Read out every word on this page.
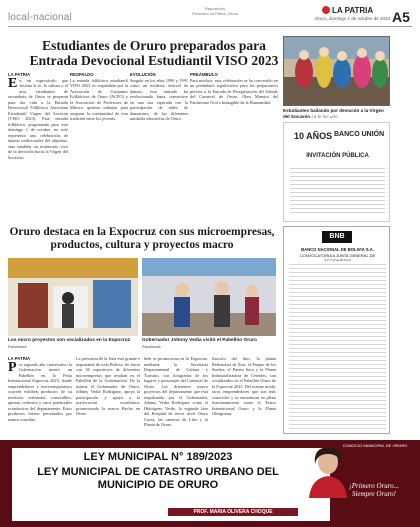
local-nacional
Repositorio
Periódico La Patria, Oruro	LA PATRIA
Oruro, domingo 1 de octubre de 2023 A5
Estudiantes de Oruro preparados para Entrada Devocional Estudiantil VISO 2023
LA PATRIA
E n un espectáculo que fusiona la fe, la cultura y el arte, estudiantes de secundaria de Oruro se preparan para dar vida a la Entrada Devocional Folklórica Autóctona Estudiantil Virgen del Socavón (VISO 2023). Esta entrada folklórica, programada para este domingo 1 de octubre, no solo representa una celebración de danzas tradicionales del altiplano, sino también un testimonio vivo de la devoción hacia la Virgen del Socavón.
RESPALDO
La entrada folklórica estudiantil VISO 2023 es respaldada por la Asociación de Conjuntos Folklóricos de Oruro (ACFO) y la Asociación de Profesores de Música, quienes trabajan para asegurar la continuidad de esta tradición entre los jóvenes.
EVOLUCIÓN
Surgida en los años 1990 y 1991 como un modesto festival de danzas, ésta entrada ha evolucionado hasta convertirse en una cita esperada con la participación de miles de danzarines, de las diferentes unidades educativas de Oruro.
PREÁMBULO
Para muchos, esta celebración se ha convertido en un preámbulo significativo para los preparativos previos a la Entrada de Peregrinación del Sábado del Carnaval de Oruro, Obra Maestra del Patrimonio Oral e Intangible de la Humanidad.
Estudiantes bailando por devoción a la Virgen del Socavón La fe los une.
10 AÑOS BANCO UNIÓN
INVITACIÓN PÚBLICA
Oruro destaca en la Expocruz con sus microempresas, productos, cultura y proyectos macro
Los micro proyectos son socializados en la Expocruz
Facebook
Gobernador Johnny Vedia visitó el Pabellón Oruro
Facebook
LA PATRIA
P or segundo año consecutivo la Gobernación montó un Pabellón en la Feria Internacional Expocruz 2023, donde emprendedores y microempresarios ocurren exhiben productos de su territorio: artesanías, comestibles, quinua, cerámica y otros potenciales económicos del departamento. Estos productos fueron presentados por manos orureñas.
La presencia de la feria esta grande e importante de toda Bolivia. Se inicia con 36 expositores de diferentes microempresas que resaltan en el Pabellón de la Gobernación. De la misma el Gobernador de Oruro, Johnny Vedia Rodríguez, apoya la participación y apoya a la reactivación económica, promoviendo la marca Hecho en Oruro.
bién se promociona en la Expocruz, mediante la Secretaría Departamental de Cultura y Turismo, con fotografías de los lugares y personajes del Carnaval de Oruro. Los diferentes macro proyectos del departamento que está impulsando por el Gobernador, Johnny Vedia Rodríguez como el Hidrógeno Verde, la segunda fase del Hospital de tercer nivel Oruro Corea, las canteras de Litio y la Planta de Oruro.
lización del litio, la planta Refinadora de Zinc, el Parque de los Sueños, el Puerto Seco y la Planta Industrializadora de Cereales, son socializados en el Pabellón Oruro de la Expocruz 2023. Del mismo modo, otros emprendedores que son más conocidos y se encuentran en pleno funcionamiento como el Teatro Internacional Oruro y la Planta Oleaginosa.
BNB
BANCO NACIONAL DE BOLIVIA S.A.
CONVOCATORIA A JUNTA GENERAL DE
LEY MUNICIPAL N° 189/2023
LEY MUNICIPAL DE CATASTRO URBANO DEL MUNICIPIO DE ORURO
PROF. MARIA OLIVERA CHOQUE
CONCEJO MUNICIPAL DE ORURO
¡Primero Oruro...
Siempre Oruro!
